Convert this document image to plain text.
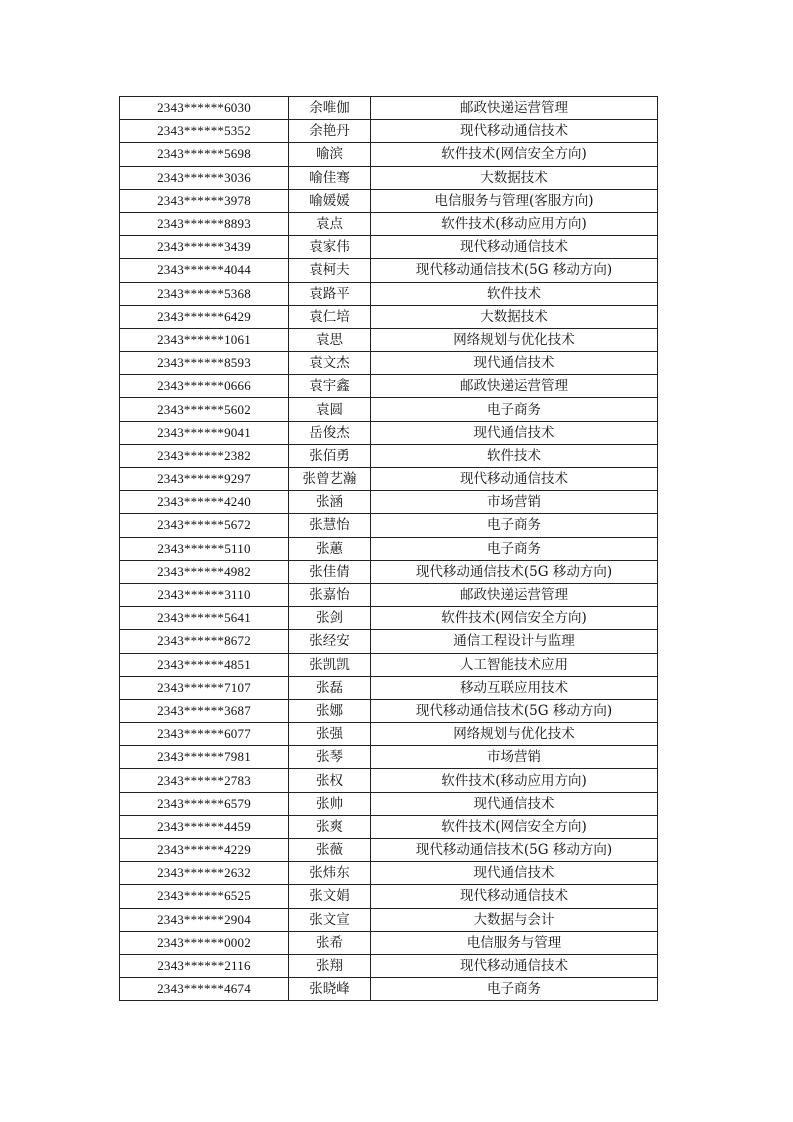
2343******6030	余唯伽	邮政快递运营管理
2343******5352	余艳丹	现代移动通信技术
2343******5698	喻滨	软件技术(网信安全方向)
2343******3036	喻佳骞	大数据技术
2343******3978	喻媛媛	电信服务与管理(客服方向)
2343******8893	袁点	软件技术(移动应用方向)
2343******3439	袁家伟	现代移动通信技术
2343******4044	袁柯夫	现代移动通信技术(5G 移动方向)
2343******5368	袁路平	软件技术
2343******6429	袁仁培	大数据技术
2343******1061	袁思	网络规划与优化技术
2343******8593	袁文杰	现代通信技术
2343******0666	袁宇鑫	邮政快递运营管理
2343******5602	袁圆	电子商务
2343******9041	岳俊杰	现代通信技术
2343******2382	张佰勇	软件技术
2343******9297	张曾艺瀚	现代移动通信技术
2343******4240	张涵	市场营销
2343******5672	张慧怡	电子商务
2343******5110	张蕙	电子商务
2343******4982	张佳倩	现代移动通信技术(5G 移动方向)
2343******3110	张嘉怡	邮政快递运营管理
2343******5641	张剑	软件技术(网信安全方向)
2343******8672	张经安	通信工程设计与监理
2343******4851	张凯凯	人工智能技术应用
2343******7107	张磊	移动互联应用技术
2343******3687	张娜	现代移动通信技术(5G 移动方向)
2343******6077	张强	网络规划与优化技术
2343******7981	张琴	市场营销
2343******2783	张权	软件技术(移动应用方向)
2343******6579	张帅	现代通信技术
2343******4459	张爽	软件技术(网信安全方向)
2343******4229	张薇	现代移动通信技术(5G 移动方向)
2343******2632	张炜东	现代通信技术
2343******6525	张文娟	现代移动通信技术
2343******2904	张文宣	大数据与会计
2343******0002	张希	电信服务与管理
2343******2116	张翔	现代移动通信技术
2343******4674	张晓峰	电子商务
